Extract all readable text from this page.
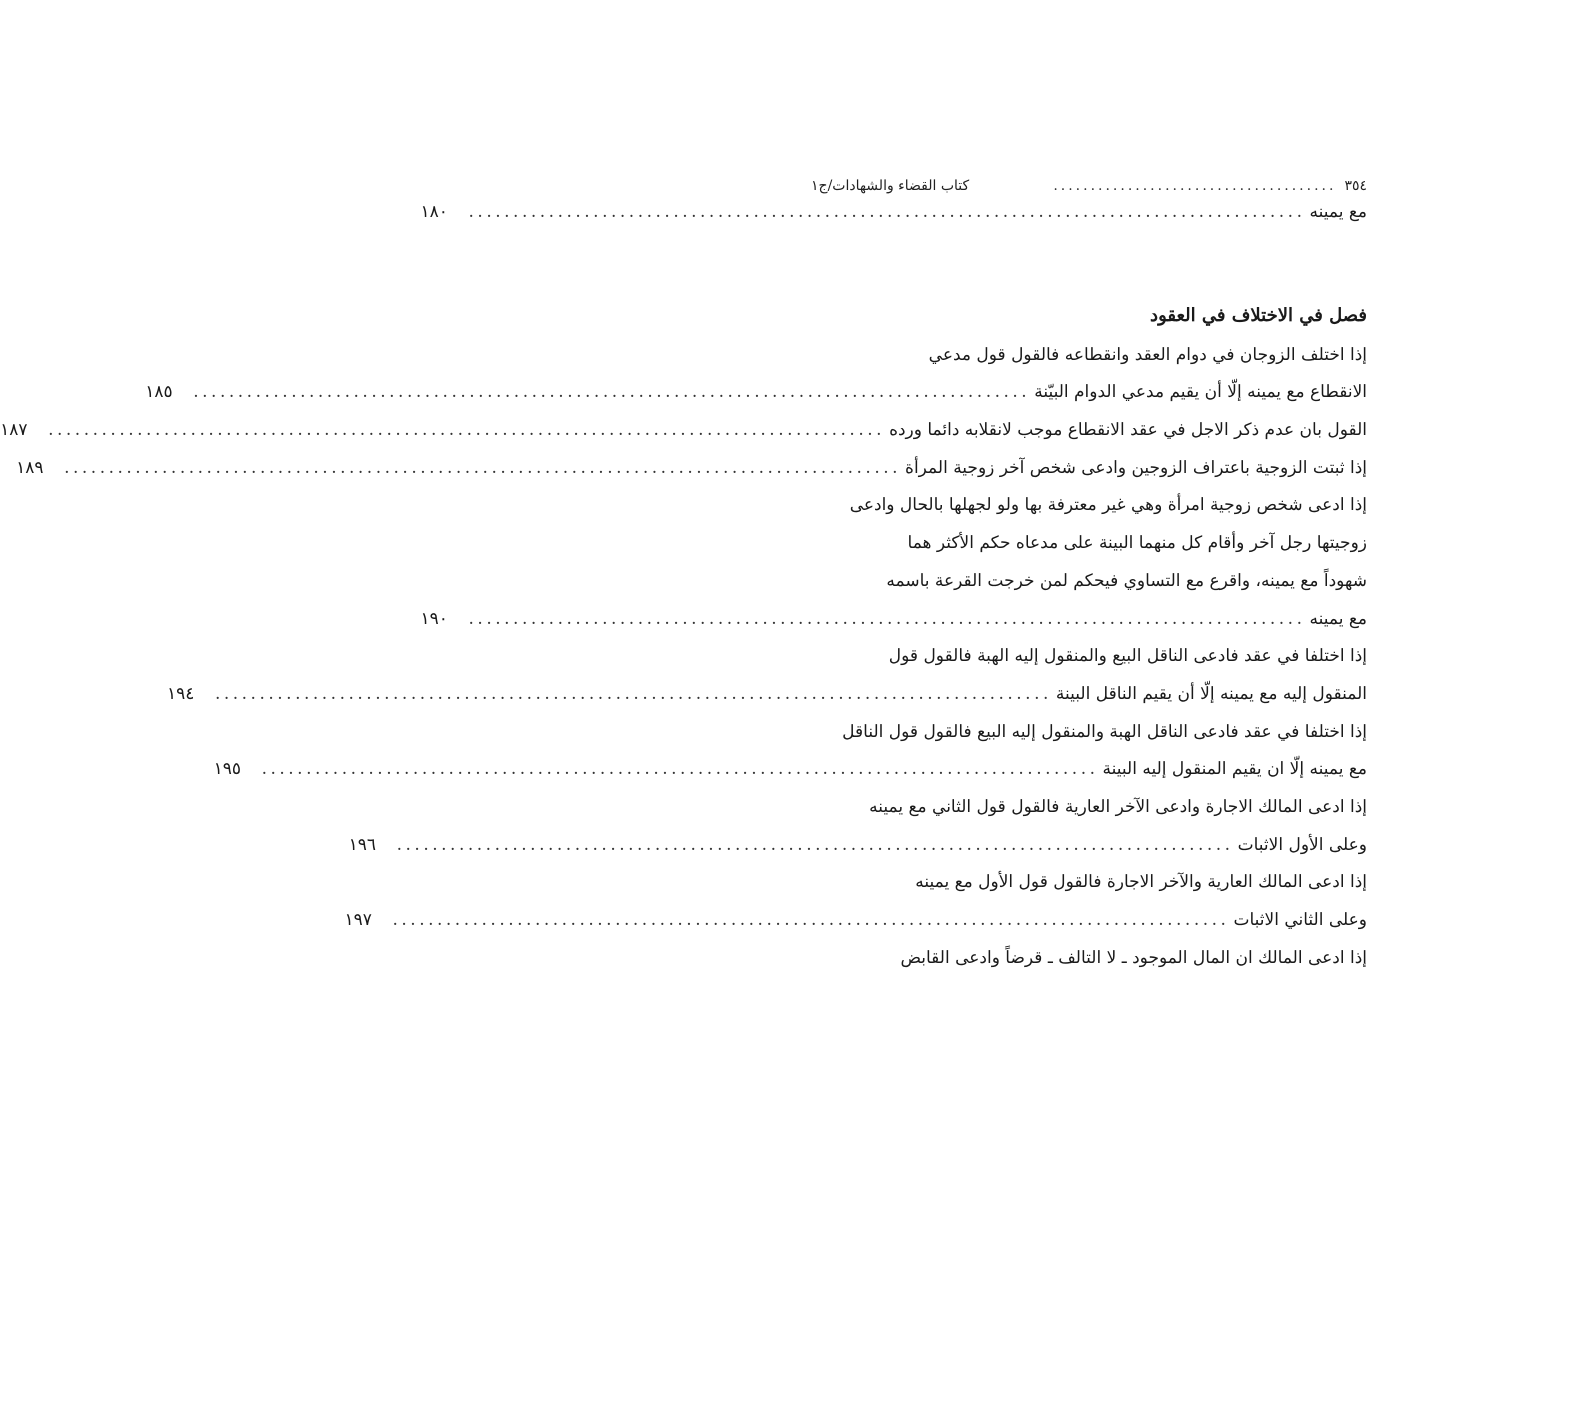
٣٥٤
......................................
كتاب القضاء والشهادات/ج١
مع يمينه
..............................................................................................
١٨٠
فصل في الاختلاف في العقود
إذا اختلف الزوجان في دوام العقد وانقطاعه فالقول قول مدعي
الانقطاع مع يمينه إلّا أن يقيم مدعي الدوام البيّنة
..............................................................................................
١٨٥
القول بان عدم ذكر الاجل في عقد الانقطاع موجب لانقلابه دائما ورده
..............................................................................................
١٨٧
إذا ثبتت الزوجية باعتراف الزوجين وادعى شخص آخر زوجية المرأة
..............................................................................................
١٨٩
إذا ادعى شخص زوجية امرأة وهي غير معترفة بها ولو لجهلها بالحال وادعى
زوجيتها رجل آخر وأقام كل منهما البينة على مدعاه حكم الأكثر هما
شهوداً مع يمينه، واقرع مع التساوي فيحكم لمن خرجت القرعة باسمه
مع يمينه
..............................................................................................
١٩٠
إذا اختلفا في عقد فادعى الناقل البيع والمنقول إليه الهبة فالقول قول
المنقول إليه مع يمينه إلّا أن يقيم الناقل البينة
..............................................................................................
١٩٤
إذا اختلفا في عقد فادعى الناقل الهبة والمنقول إليه البيع فالقول قول الناقل
مع يمينه إلّا ان يقيم المنقول إليه البينة
..............................................................................................
١٩٥
إذا ادعى المالك الاجارة وادعى الآخر العارية فالقول قول الثاني مع يمينه
وعلى الأول الاثبات
..............................................................................................
١٩٦
إذا ادعى المالك العارية والآخر الاجارة فالقول قول الأول مع يمينه
وعلى الثاني الاثبات
..............................................................................................
١٩٧
إذا ادعى المالك ان المال الموجود ـ لا التالف ـ قرضاً وادعى القابض
